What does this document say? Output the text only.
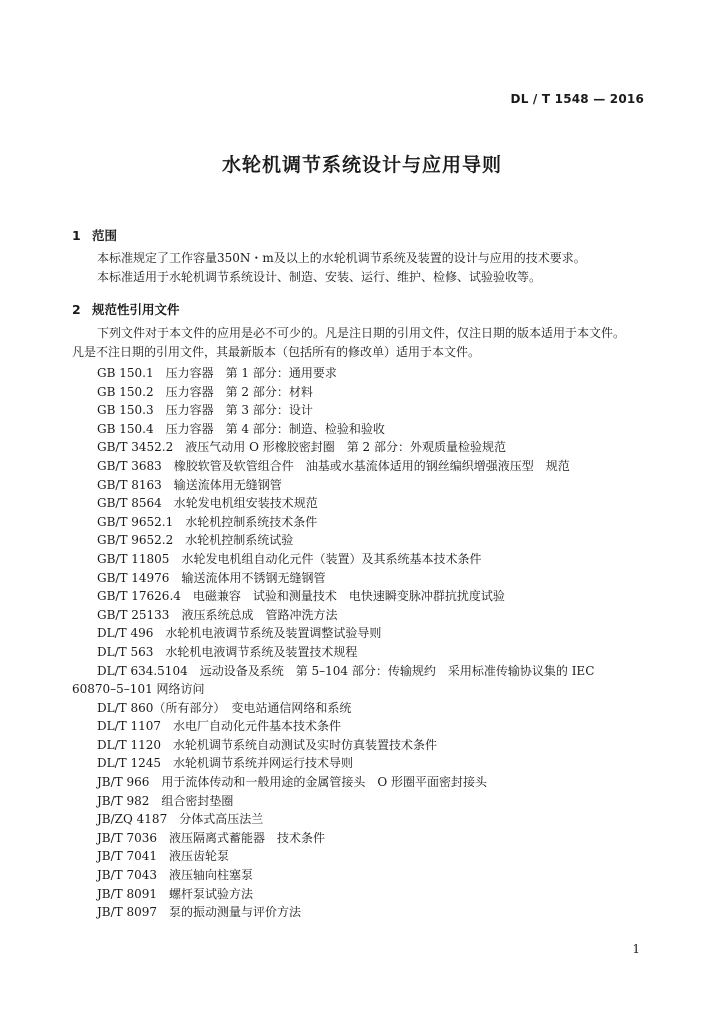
DL / T 1548 — 2016
水轮机调节系统设计与应用导则
1 范围
本标准规定了工作容量350N・m及以上的水轮机调节系统及装置的设计与应用的技术要求。
本标准适用于水轮机调节系统设计、制造、安装、运行、维护、检修、试验验收等。
2 规范性引用文件
下列文件对于本文件的应用是必不可少的。凡是注日期的引用文件，仅注日期的版本适用于本文件。
凡是不注日期的引用文件，其最新版本（包括所有的修改单）适用于本文件。
GB 150.1　压力容器　第 1 部分：通用要求
GB 150.2　压力容器　第 2 部分：材料
GB 150.3　压力容器　第 3 部分：设计
GB 150.4　压力容器　第 4 部分：制造、检验和验收
GB/T 3452.2　液压气动用 O 形橡胶密封圈　第 2 部分：外观质量检验规范
GB/T 3683　橡胶软管及软管组合件　油基或水基流体适用的钢丝编织增强液压型　规范
GB/T 8163　输送流体用无缝钢管
GB/T 8564　水轮发电机组安装技术规范
GB/T 9652.1　水轮机控制系统技术条件
GB/T 9652.2　水轮机控制系统试验
GB/T 11805　水轮发电机组自动化元件（装置）及其系统基本技术条件
GB/T 14976　输送流体用不锈钢无缝钢管
GB/T 17626.4　电磁兼容　试验和测量技术　电快速瞬变脉冲群抗扰度试验
GB/T 25133　液压系统总成　管路冲洗方法
DL/T 496　水轮机电液调节系统及装置调整试验导则
DL/T 563　水轮机电液调节系统及装置技术规程
DL/T 634.5104　远动设备及系统　第 5–104 部分：传输规约　采用标准传输协议集的 IEC
60870–5–101 网络访问
DL/T 860（所有部分）　变电站通信网络和系统
DL/T 1107　水电厂自动化元件基本技术条件
DL/T 1120　水轮机调节系统自动测试及实时仿真装置技术条件
DL/T 1245　水轮机调节系统并网运行技术导则
JB/T 966　用于流体传动和一般用途的金属管接头　O 形圈平面密封接头
JB/T 982　组合密封垫圈
JB/ZQ 4187　分体式高压法兰
JB/T 7036　液压隔离式蓄能器　技术条件
JB/T 7041　液压齿轮泵
JB/T 7043　液压轴向柱塞泵
JB/T 8091　螺杆泵试验方法
JB/T 8097　泵的振动测量与评价方法
1
